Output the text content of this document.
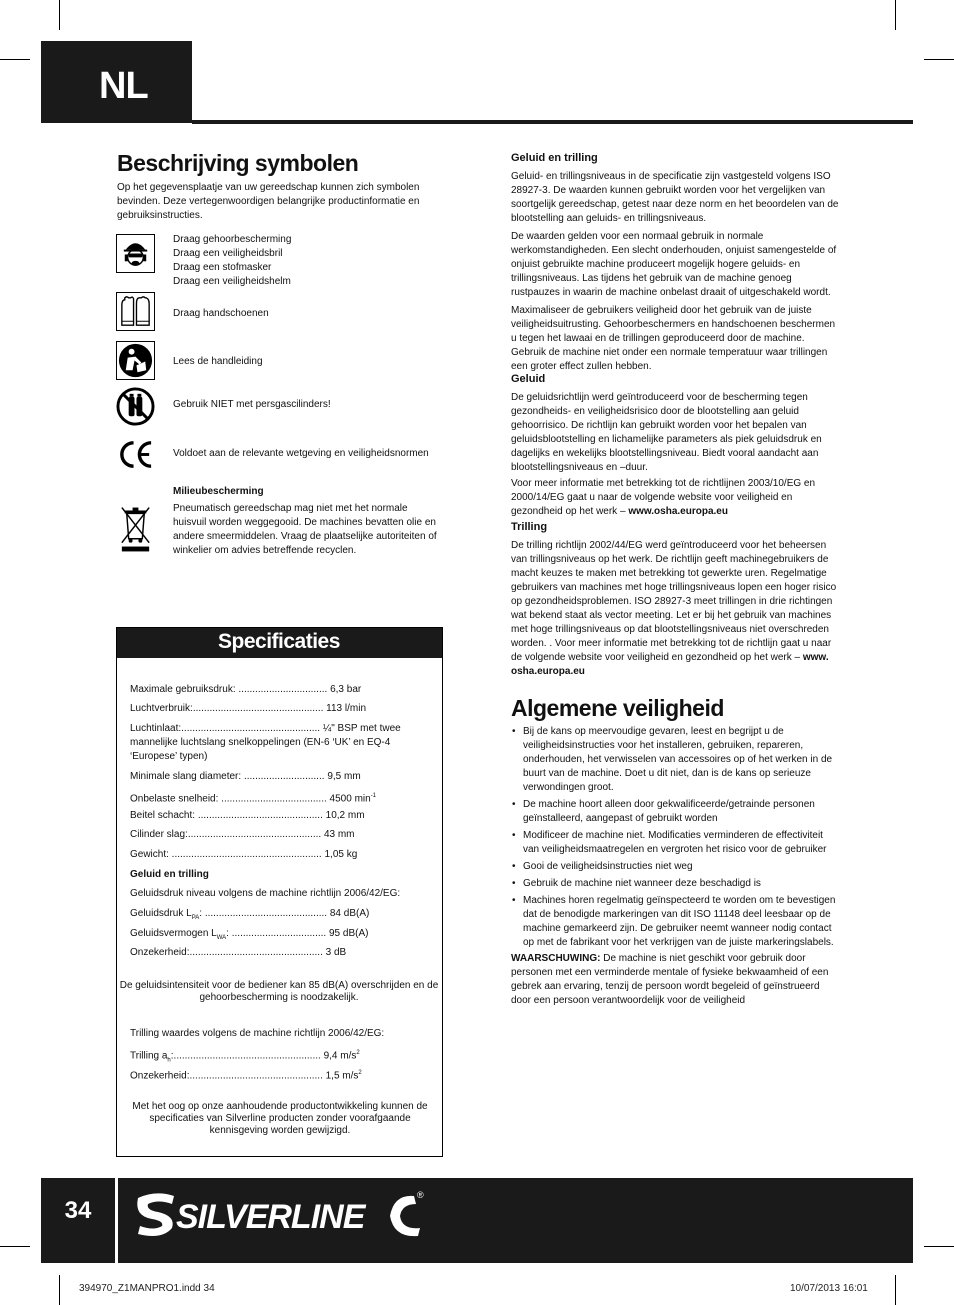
NL
Beschrijving symbolen
Op het gegevensplaatje van uw gereedschap kunnen zich symbolen bevinden. Deze vertegenwoordigen belangrijke productinformatie en gebruiksinstructies.
Draag gehoorbescherming
Draag een veiligheidsbril
Draag een stofmasker
Draag een veiligheidshelm
Draag handschoenen
Lees de handleiding
Gebruik NIET met persgascilinders!
Voldoet aan de relevante wetgeving en veiligheidsnormen
Milieubescherming
Pneumatisch gereedschap mag niet met het normale huisvuil worden weggegooid. De machines bevatten olie en andere smeermiddelen. Vraag de plaatselijke autoriteiten of winkelier om advies betreffende recyclen.
Specificaties
Maximale gebruiksdruk: ................................ 6,3 bar
Luchtverbruik:............................................... 113 l/min
Luchtinlaat:.................................................. ¼" BSP met twee mannelijke luchtslang snelkoppelingen (EN-6 ‘UK’ en EQ-4 ‘Europese’ typen)
Minimale slang diameter: ............................. 9,5 mm
Onbelaste snelheid: ...................................... 4500 $\min^{-1}$
Beitel schacht: ............................................. 10,2 mm
Cilinder slag:................................................ 43 mm
Gewicht: ...................................................... 1,05 kg
Geluid en trilling
Geluidsdruk niveau volgens de machine richtlijn 2006/42/EG:
Geluidsdruk $L_{PA}$: ............................................ 84 dB(A)
Geluidsvermogen $L_{WA}$: .................................. 95 dB(A)
Onzekerheid:................................................ 3 dB
De geluidsintensiteit voor de bediener kan 85 dB(A) overschrijden en de gehoorbescherming is noodzakelijk.
Trilling waardes volgens de machine richtlijn 2006/42/EG:
Trilling $a_h$:..................................................... 9,4 $m/s^2$
Onzekerheid:................................................ 1,5 $m/s^2$
Met het oog op onze aanhoudende productontwikkeling kunnen de specificaties van Silverline producten zonder voorafgaande kennisgeving worden gewijzigd.
Geluid en trilling

Geluid- en trillingsniveaus in de specificatie zijn vastgesteld volgens ISO 28927-3. De waarden kunnen gebruikt worden voor het vergelijken van soortgelijk gereedschap, getest naar deze norm en het beoordelen van de blootstelling aan geluids- en trillingsniveaus.

De waarden gelden voor een normaal gebruik in normale werkomstandigheden. Een slecht onderhouden, onjuist samengestelde of onjuist gebruikte machine produceert mogelijk hogere geluids- en trillingsniveaus. Las tijdens het gebruik van de machine genoeg rustpauzes in waarin de machine onbelast draait of uitgeschakeld wordt.

Maximaliseer de gebruikers veiligheid door het gebruik van de juiste veiligheidsuitrusting. Gehoorbeschermers en handschoenen beschermen u tegen het lawaai en de trillingen geproduceerd door de machine. Gebruik de machine niet onder een normale temperatuur waar trillingen een groter effect zullen hebben.

Geluid

De geluidsrichtlijn werd geïntroduceerd voor de bescherming tegen gezondheids- en veiligheidsrisico door de blootstelling aan geluid gehoorrisico. De richtlijn kan gebruikt worden voor het bepalen van geluidsblootstelling en lichamelijke parameters als piek geluidsdruk en dagelijks en wekelijks blootstellingsniveau. Biedt vooral aandacht aan blootstellingsniveaus en –duur.

Voor meer informatie met betrekking tot de richtlijnen 2003/10/EG en 2000/14/EG gaat u naar de volgende website voor veiligheid en gezondheid op het werk – www.osha.europa.eu

Trilling

De trilling richtlijn 2002/44/EG werd geïntroduceerd voor het beheersen van trillingsniveaus op het werk. De richtlijn geeft machinegebruikers de macht keuzes te maken met betrekking tot gewerkte uren. Regelmatige gebruikers van machines met hoge trillingsniveaus lopen een hoger risico op gezondheidsproblemen. ISO 28927-3 meet trillingen in drie richtingen wat bekend staat als vector meeting. Let er bij het gebruik van machines met hoge trillingsniveaus op dat blootstellingsniveaus niet overschreden worden. . Voor meer informatie met betrekking tot de richtlijn gaat u naar de volgende website voor veiligheid en gezondheid op het werk – www. osha.europa.eu

Algemene veiligheid
• Bij de kans op meervoudige gevaren, leest en begrijpt u de veiligheidsinstructies voor het installeren, gebruiken, repareren, onderhouden, het verwisselen van accessoires op of het werken in de buurt van de machine. Doet u dit niet, dan is de kans op serieuze verwondingen groot.
• De machine hoort alleen door gekwalificeerde/getrainde personen geïnstalleerd, aangepast of gebruikt worden
• Modificeer de machine niet. Modificaties verminderen de effectiviteit van veiligheidsmaatregelen en vergroten het risico voor de gebruiker
• Gooi de veiligheidsinstructies niet weg
• Gebruik de machine niet wanneer deze beschadigd is
• Machines horen regelmatig geïnspecteerd te worden om te bevestigen dat de benodigde markeringen van dit ISO 11148 deel leesbaar op de machine gemarkeerd zijn. De gebruiker neemt wanneer nodig contact op met de fabrikant voor het verkrijgen van de juiste markeringslabels.
WAARSCHUWING: De machine is niet geschikt voor gebruik door personen met een verminderde mentale of fysieke bekwaamheid of een gebrek aan ervaring, tenzij de persoon wordt begeleid of geïnstrueerd door een persoon verantwoordelijk voor de veiligheid
34	SILVERLINE
®
394970_Z1MANPRO1.indd 34	10/07/2013 16:01
